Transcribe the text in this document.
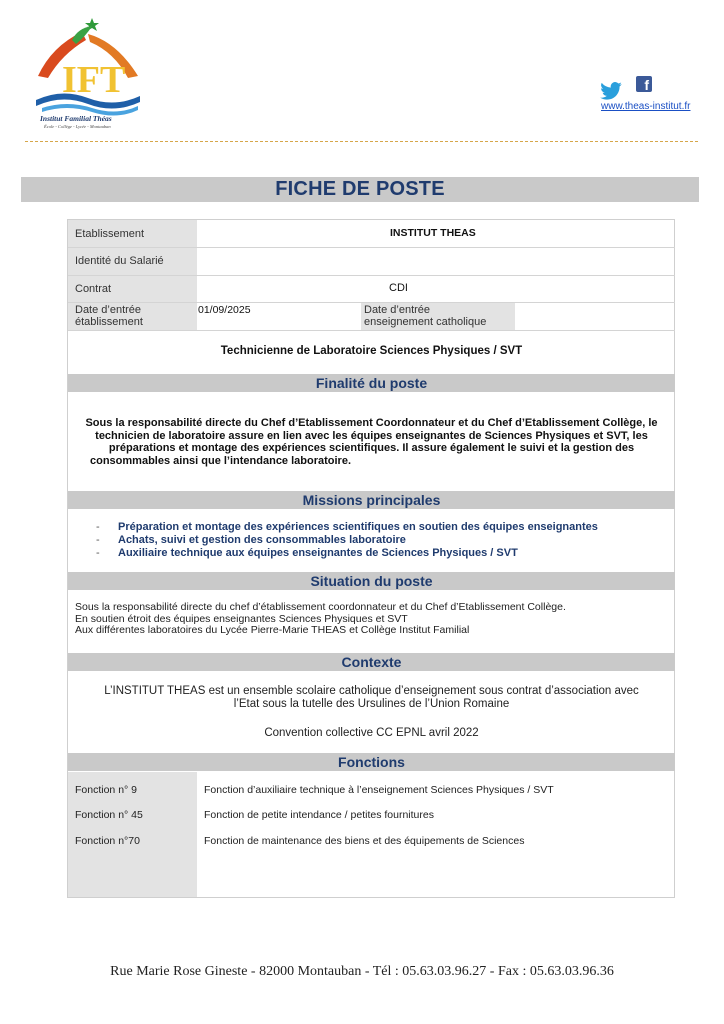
IFT
Institut Familial Théas
École - Collège - Lycée - Montauban
f
www.theas-institut.fr
FICHE DE POSTE
Etablissement	INSTITUT THEAS
Identité du Salarié
Contrat	CDI
Date d’entrée
établissement
01/09/2025	Date d’entrée
enseignement catholique
Technicienne de Laboratoire Sciences Physiques / SVT
Finalité du poste
Sous la responsabilité directe du Chef d’Etablissement Coordonnateur et du Chef d’Etablissement Collège, le
technicien de laboratoire assure en lien avec les équipes enseignantes de Sciences Physiques et SVT, les
préparations et montage des expériences scientifiques. Il assure également le suivi et la gestion des
consommables ainsi que l’intendance laboratoire.
Missions principales
- Préparation et montage des expériences scientifiques en soutien des équipes enseignantes
- Achats, suivi et gestion des consommables laboratoire
- Auxiliaire technique aux équipes enseignantes de Sciences Physiques / SVT
Situation du poste
Sous la responsabilité directe du chef d’établissement coordonnateur et du Chef d’Etablissement Collège.
En soutien étroit des équipes enseignantes Sciences Physiques et SVT
Aux différentes laboratoires du Lycée Pierre-Marie THEAS et Collège Institut Familial
Contexte
L’INSTITUT THEAS est un ensemble scolaire catholique d’enseignement sous contrat d’association avec
l’Etat sous la tutelle des Ursulines de l’Union Romaine
Convention collective CC EPNL avril 2022
Fonctions
Fonction n° 9	Fonction d’auxiliaire technique à l’enseignement Sciences Physiques / SVT
Fonction n° 45	Fonction de petite intendance / petites fournitures
Fonction n°70	Fonction de maintenance des biens et des équipements de Sciences
Rue Marie Rose Gineste - 82000 Montauban - Tél : 05.63.03.96.27 - Fax : 05.63.03.96.36
